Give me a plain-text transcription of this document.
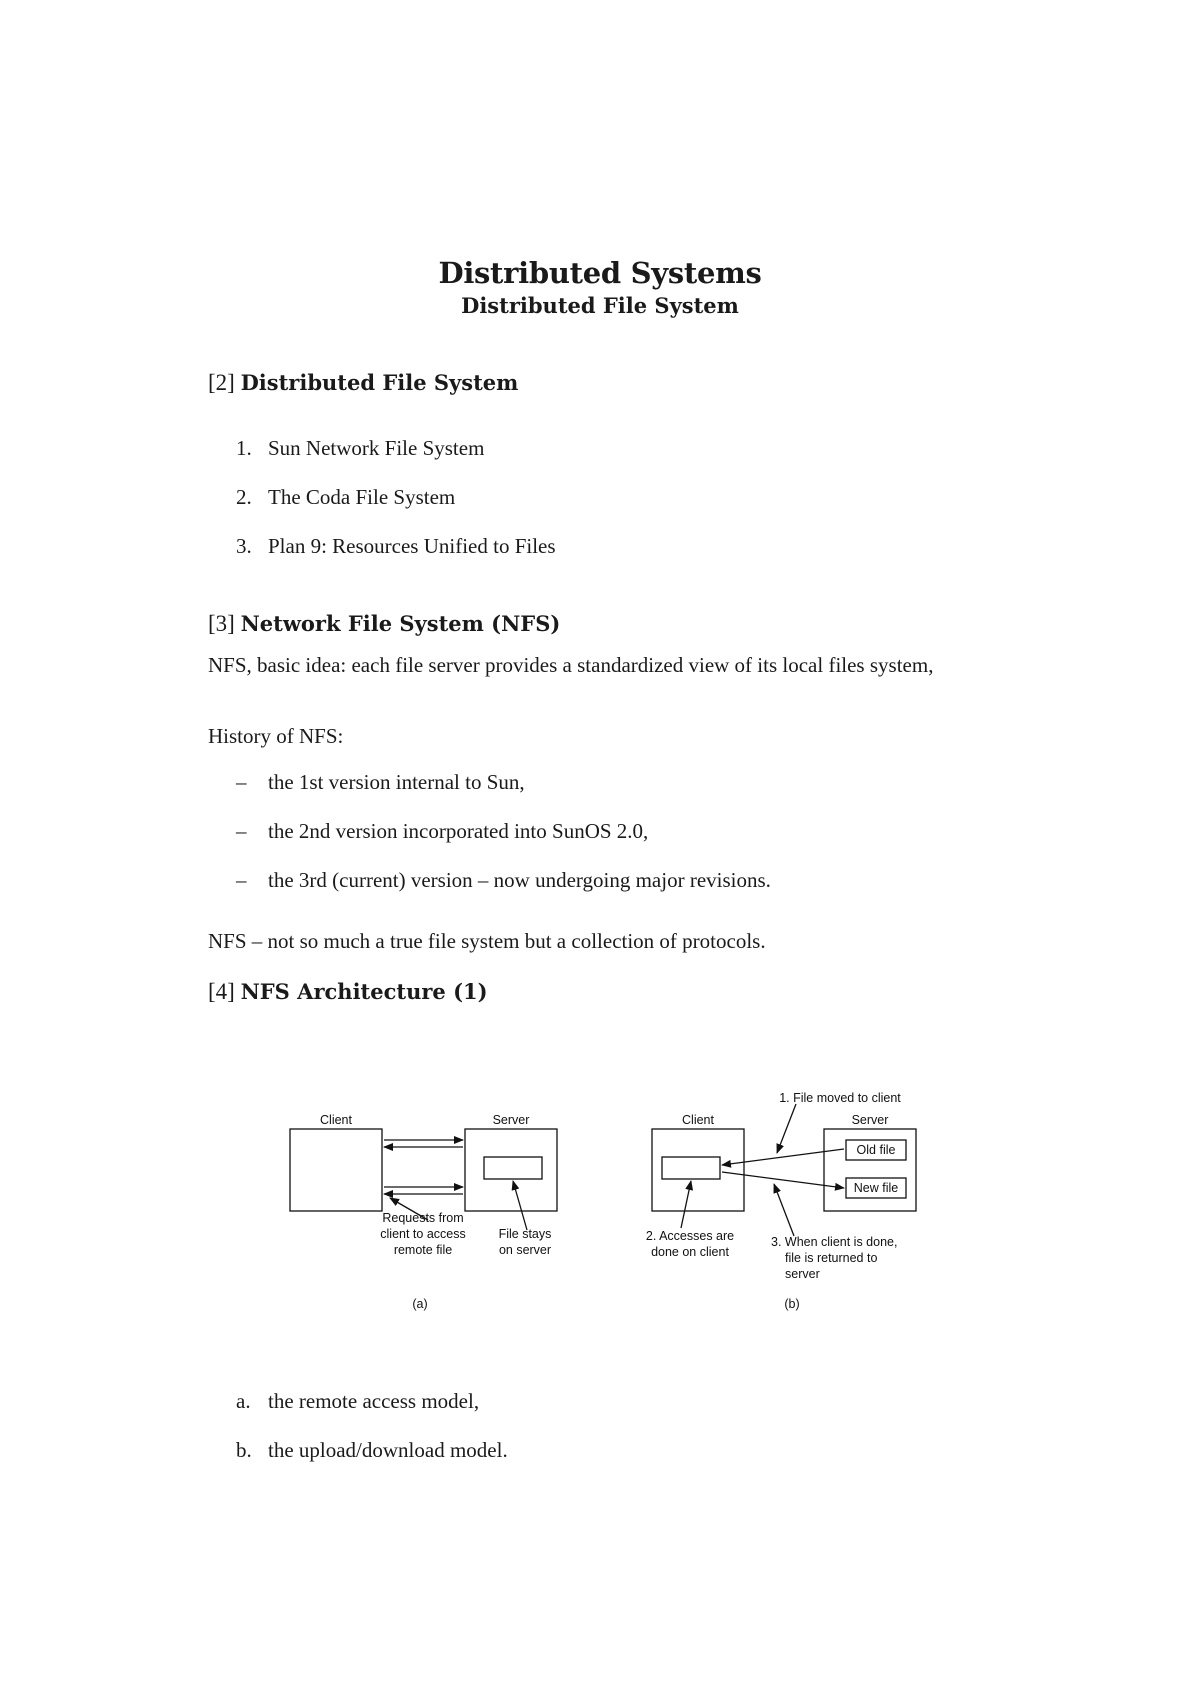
Distributed Systems
Distributed File System
[2] Distributed File System
1. Sun Network File System
2. The Coda File System
3. Plan 9: Resources Unified to Files
[3] Network File System (NFS)
NFS, basic idea: each file server provides a standardized view of its local files system,
History of NFS:
– the 1st version internal to Sun,
– the 2nd version incorporated into SunOS 2.0,
– the 3rd (current) version – now undergoing major revisions.
NFS – not so much a true file system but a collection of protocols.
[4] NFS Architecture (1)
Client	Server
Requests from
client to access
remote file
File stays
on server
(a)
Client	Server
1. File moved to client
Old file
New file
2. Accesses are
done on client
3. When client is done,
file is returned to
server
(b)
a. the remote access model,
b. the upload/download model.
